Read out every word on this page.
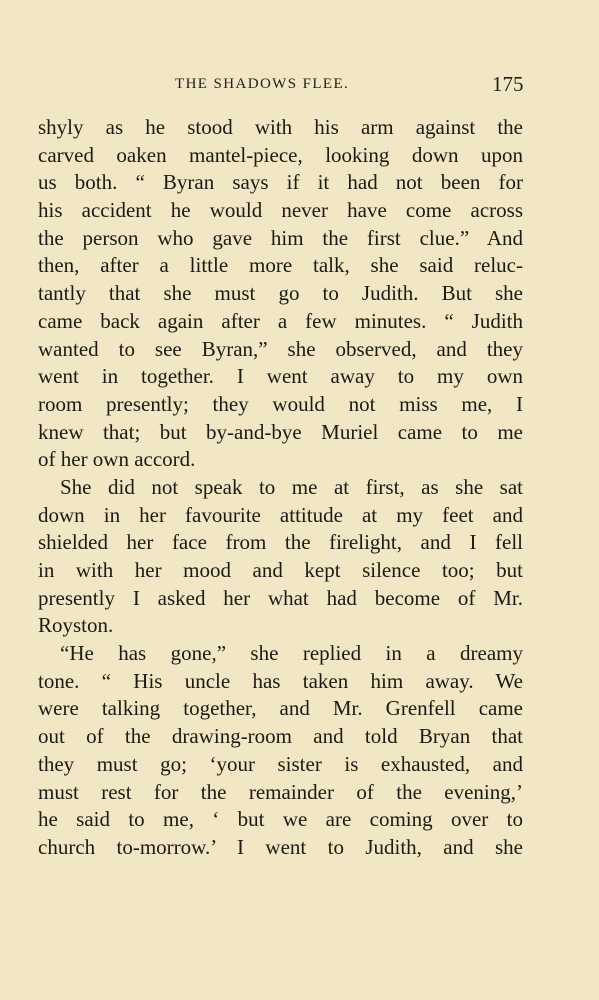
THE SHADOWS FLEE.	175
shyly as he stood with his arm against the
carved oaken mantel-piece, looking down upon
us both. “ Byran says if it had not been for
his accident he would never have come across
the person who gave him the first clue.” And
then, after a little more talk, she said reluc-
tantly that she must go to Judith. But she
came back again after a few minutes. “ Judith
wanted to see Byran,” she observed, and they
went in together. I went away to my own
room presently; they would not miss me, I
knew that; but by-and-bye Muriel came to me
of her own accord.
She did not speak to me at first, as she sat
down in her favourite attitude at my feet and
shielded her face from the firelight, and I fell
in with her mood and kept silence too; but
presently I asked her what had become of Mr.
Royston.
“He has gone,” she replied in a dreamy
tone. “ His uncle has taken him away. We
were talking together, and Mr. Grenfell came
out of the drawing-room and told Bryan that
they must go; ‘your sister is exhausted, and
must rest for the remainder of the evening,’
he said to me, ‘ but we are coming over to
church to-morrow.’ I went to Judith, and she
